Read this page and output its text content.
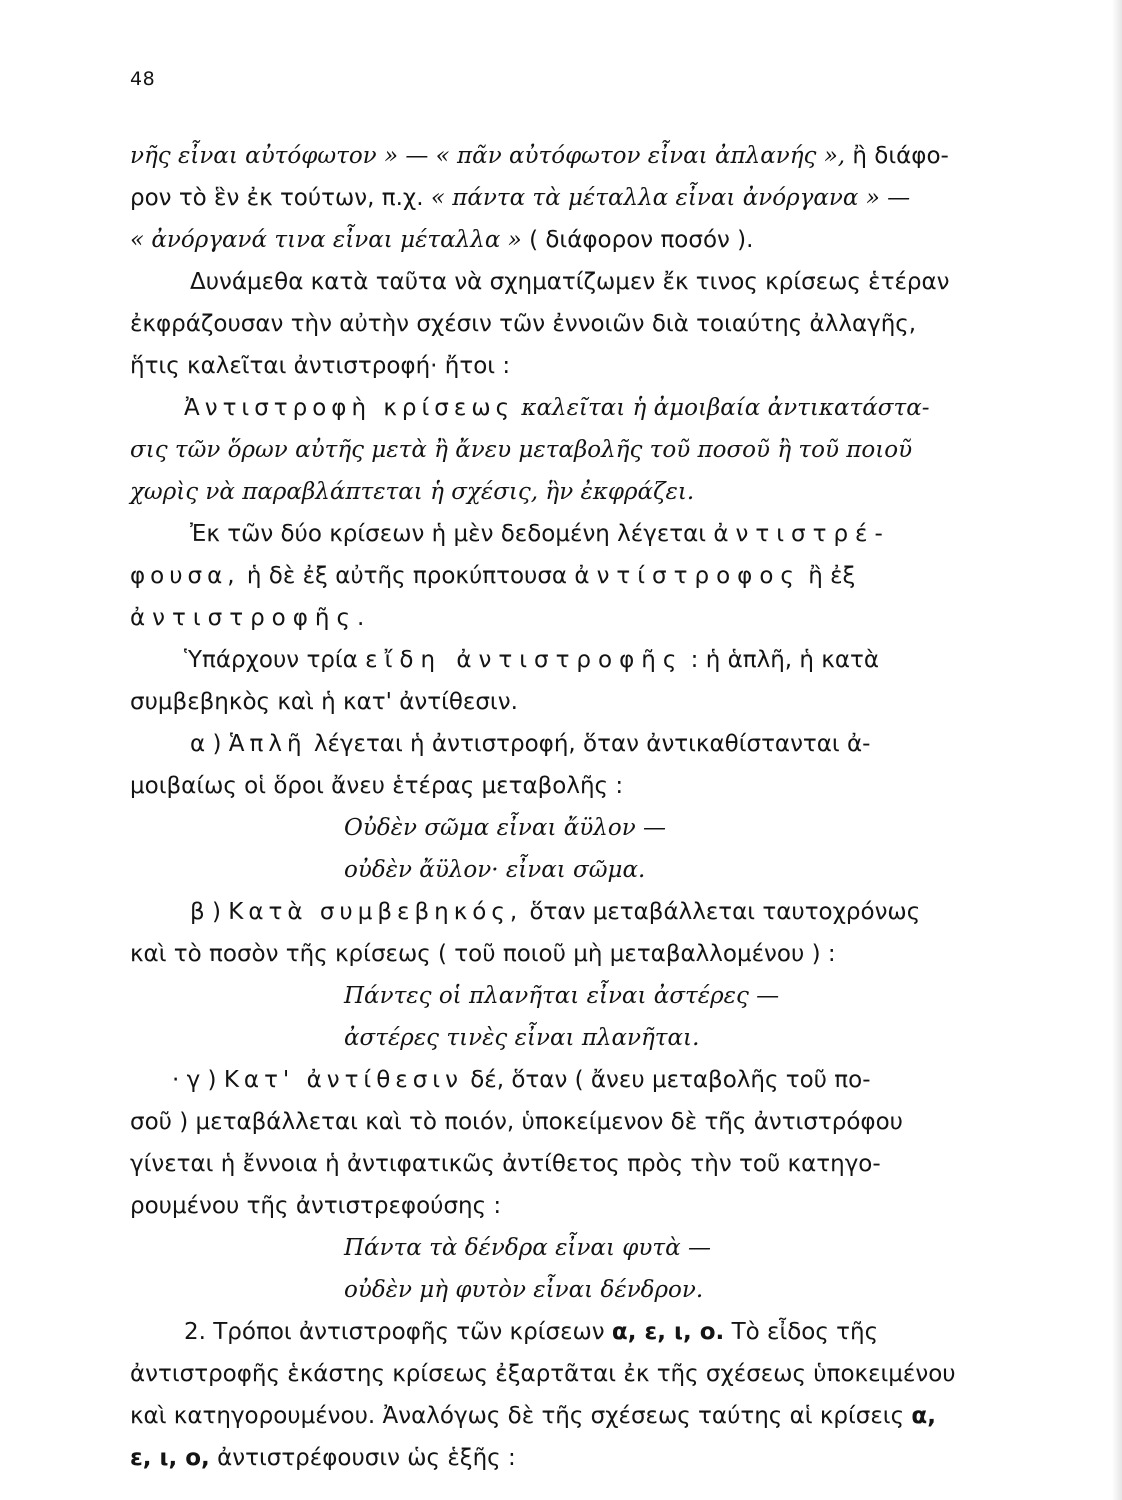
48
νῆς εἶναι αὐτόφωτον » — « πᾶν αὐτόφωτον εἶναι ἀπλανής », ἢ διάφο-
ρον τὸ ἓν ἐκ τούτων, π.χ. « πάντα τὰ μέταλλα εἶναι ἀνόργανα » —
« ἀνόργανά τινα εἶναι μέταλλα » ( διάφορον ποσόν ).
Δυνάμεθα κατὰ ταῦτα νὰ σχηματίζωμεν ἔκ τινος κρίσεως ἑτέραν
ἐκφράζουσαν τὴν αὐτὴν σχέσιν τῶν ἐννοιῶν διὰ τοιαύτης ἀλλαγῆς,
ἥτις καλεῖται ἀντιστροφή· ἤτοι :
Ἀντιστροφὴ κρίσεως καλεῖται ἡ ἀμοιβαία ἀντικατάστα-
σις τῶν ὅρων αὐτῆς μετὰ ἢ ἄνευ μεταβολῆς τοῦ ποσοῦ ἢ τοῦ ποιοῦ
χωρὶς νὰ παραβλάπτεται ἡ σχέσις, ἣν ἐκφράζει.
Ἐκ τῶν δύο κρίσεων ἡ μὲν δεδομένη λέγεται ἀντιστρέ-
φουσα, ἡ δὲ ἐξ αὐτῆς προκύπτουσα ἀντίστροφος ἢ ἐξ
ἀντιστροφῆς.
Ὑπάρχουν τρία εἴδη ἀντιστροφῆς : ἡ ἁπλῆ, ἡ κατὰ
συμβεβηκὸς καὶ ἡ κατ' ἀντίθεσιν.
α ) Ἁπλῆ λέγεται ἡ ἀντιστροφή, ὅταν ἀντικαθίστανται ἀ-
μοιβαίως οἱ ὅροι ἄνευ ἑτέρας μεταβολῆς :
Οὐδὲν σῶμα εἶναι ἄϋλον —
οὐδὲν ἄϋλον· εἶναι σῶμα.
β ) Κατὰ συμβεβηκός, ὅταν μεταβάλλεται ταυτοχρόνως
καὶ τὸ ποσὸν τῆς κρίσεως ( τοῦ ποιοῦ μὴ μεταβαλλομένου ) :
Πάντες οἱ πλανῆται εἶναι ἀστέρες —
ἀστέρες τινὲς εἶναι πλανῆται.
· γ ) Κατ' ἀντίθεσιν δέ, ὅταν ( ἄνευ μεταβολῆς τοῦ πο-
σοῦ ) μεταβάλλεται καὶ τὸ ποιόν, ὑποκείμενον δὲ τῆς ἀντιστρόφου
γίνεται ἡ ἔννοια ἡ ἀντιφατικῶς ἀντίθετος πρὸς τὴν τοῦ κατηγο-
ρουμένου τῆς ἀντιστρεφούσης :
Πάντα τὰ δένδρα εἶναι φυτὰ —
οὐδὲν μὴ φυτὸν εἶναι δένδρον.
2. Τρόποι ἀντιστροφῆς τῶν κρίσεων α, ε, ι, ο. Τὸ εἶδος τῆς
ἀντιστροφῆς ἑκάστης κρίσεως ἐξαρτᾶται ἐκ τῆς σχέσεως ὑποκειμένου
καὶ κατηγορουμένου. Ἀναλόγως δὲ τῆς σχέσεως ταύτης αἱ κρίσεις α,
ε, ι, ο, ἀντιστρέφουσιν ὡς ἑξῆς :
